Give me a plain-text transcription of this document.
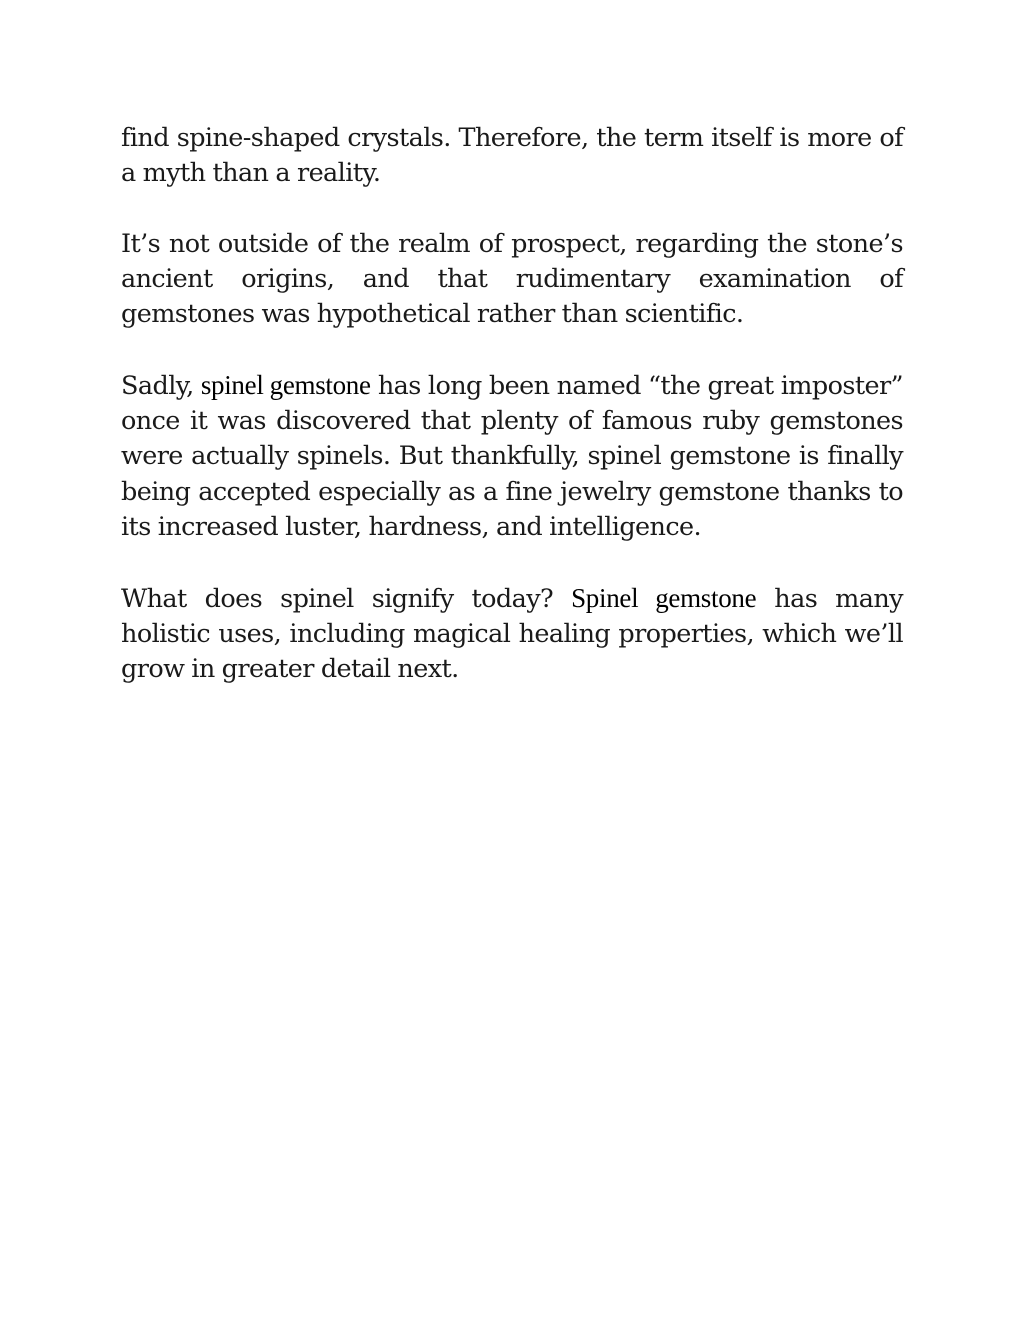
find spine-shaped crystals. Therefore, the term itself is more of a myth than a reality.

It’s not outside of the realm of prospect, regarding the stone’s ancient origins, and that rudimentary examination of gemstones was hypothetical rather than scientific.

Sadly, spinel gemstone has long been named “the great imposter” once it was discovered that plenty of famous ruby gemstones were actually spinels. But thankfully, spinel gemstone is finally being accepted especially as a fine jewelry gemstone thanks to its increased luster, hardness, and intelligence.

What does spinel signify today? Spinel gemstone has many holistic uses, including magical healing properties, which we’ll grow in greater detail next.
